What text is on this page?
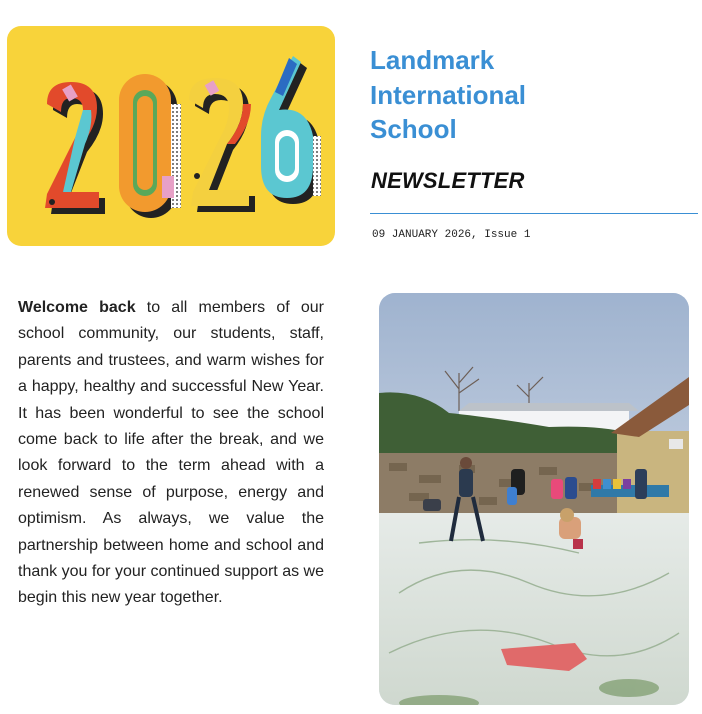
Landmark
International
School
NEWSLETTER
09 JANUARY 2026, Issue 1

Welcome back to all members of our school community, our students, staff, parents and trustees, and warm wishes for a happy, healthy and successful New Year. It has been wonderful to see the school come back to life after the break, and we look forward to the term ahead with a renewed sense of purpose, energy and optimism. As always, we value the partnership between home and school and thank you for your continued support as we begin this new year together.
